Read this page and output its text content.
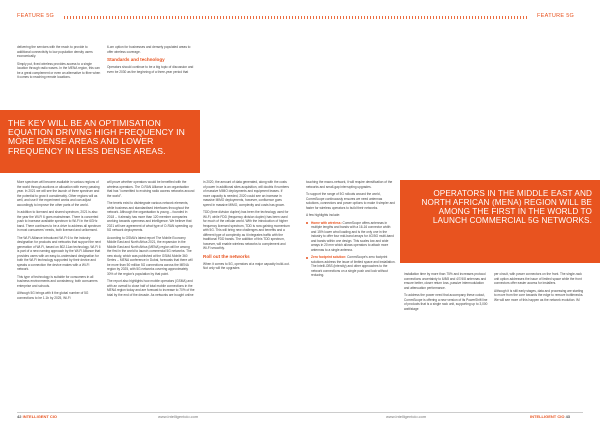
FEATURE 5G	FEATURE 5G

delivering the services with the reach to provide to additional connectivity to low population density users economically.

Simply put, fixed wireless provides access to a single location through radio waves. In the MENA region, this can be a great complement or even an alternative to fibre when it comes to reaching remote locations.

6-cm option for businesses and densely populated areas to offer wireless coverage.

Standards and technology

Operators should continue to be a big topic of discussion and even be 2030 as the beginning of a three-year period that

THE KEY WILL BE AN OPTIMISATION EQUATION DRIVING HIGH FREQUENCY IN MORE DENSE AREAS AND LOWER FREQUENCY IN LESS DENSE AREAS.

More spectrum will become available in various regions of the world through auctions or allocation with every passing year. In 2021 we will see the launch of three spectrum and the potential to grow it considerably. Other regions will as well, and use if the experiment works and can adjust accordingly to improve the other parts of the world.

In addition to licensed and shared spectrum, 2021 is also the year the Wi-Fi 6 goes mainstream. There is concerted push to increase available spectrum to Wi-Fi in the 6GHz band. There continues to be a drive to address all spectrum in most consumers' needs, both licensed and unlicensed.

The Wi-Fi Alliance introduced Wi-Fi 6 to the industry designation for products and networks that support the next generation of Wi-Fi, based on 802.11ax technology. Wi-Fi 6 is part of a new naming approach by the Wi-Fi Alliance that provides users with an easy-to-understand designation for both the Wi-Fi technology supported by their device and speaks a connection the device makes with a Wi-Fi network.

This type of technology is suitable for consumers in all business environments and consistency, both consumers enterprise and schools.

Although 5G brings with it the global number of 5G connections to be 1.1b by 2025, Wi-Fi

will prove whether operators would be benefited with the wireless operators. The O-RAN Alliance is an organisation that has "committed to evolving radio access networks around the world".

The tenets exist to disintegrate various network elements, while business and standardised interfaces throughout the network. Although the organisation is young -- founded in 2018 -- it already has more than 120 member companies working towards openness and intelligence. We believe that 2021 will see agreement of what type of O-RAN speeding up 5G network deployments.

According to GSMA's latest report The Mobile Economy Middle East and North Africa 2021, the expansion in the Middle East and North Africa (MENA) region will be among the first in the world to launch commercial 5G networks. The new study, which was published at the GSMA Mobile 360 Series -- MENA conference in Dubai, forecasts that there will be more than 50 million 5G connections across the MENA region by 2025, with 5G networks covering approximately 30% of the region's population by that point.

The report also highlights how mobile operators (GSMA) and with an overall to close half of total mobile connections in the MENA region today and are forecast to increase to 70% of the total by the end of the decade. As networks are bought online

in 2020, the amount of data generated, along with the costs of power in additional sites acquisition, will doubts if numbers of massive MIMO deployments and equipment leases. If more capacity is needed, 2020 could see an increase in massive MIMO deployments, however, confluence goes speed in massive MIMO, complexity and costs has grown.

TDD (time division duplex) has been the technology used for Wi-Fi, while FDD (frequency division duplex) has been used for much of the cellular world. With the introduction of higher frequency licensed spectrum, TDD is now gaining momentum with 5G. This will bring new challenges and benefits and a different type of complexity as it integrates traffic with the traditional FDD bands. The addition of this TDD spectrum, however, will enable wireless networks to complement and Wi-Fi smoothly.

Roll out the networks

When it comes to 5G, operators at a major capacity build-out. Not only will the upgrades

touching the macro-network, it will require densification of the networks and small-gap interrupting upgrades.

To support the range of 5G rollouts around the world, CommScope continuously ensures we need antennas solutions, connectors and power options to make it simpler and faster for wireless operators to build their networks.

A few highlights include:

Home with wireless: CommScope offers antennas in multiple lengths and bands with a 16-16 connector width and 15% lower wind loading and is the only one in the industry to offer four mid-band arrays for 4G/5G multi-band and bands within one design. This scales low and wide arrays in 20 mm which allows operators to attach more antennas to a single antenna.

Zero footprint solution: CommScope's zero footprint solutions address the issue of limited space and installation. The Intelli-OBS (intercity) and other approaches to the network connections on a single push and lock without reducing.

OPERATORS IN THE MIDDLE EAST AND NORTH AFRICAN (MENA) REGION WILL BE AMONG THE FIRST IN THE WORLD TO LAUNCH COMMERCIAL 5G NETWORKS.

installation time by more than 75% and increases protocol connections uncertainty to 6/8/8 and 4/7/4/8 antennas and ensure better, closer return loss, passive intermodulation and attenuation performance.

To address the power need that accompany these cutout, CommScope is offering a new version of its PowerShift line of products that is a single rack unit, supporting up to 3,000 watt/stage

per circuit, with power connectors on the front. The single-rack unit option addresses the issue of limited space while the front connectors offer easier access for installers.

Although it is still early stages, data and processing are starting to move from the core towards the edge to remove bottlenecks. We will see more of this happen as the network evolution. IM

42 INTELLIGENT CIO	www.intelligentcio.com	www.intelligentcio.com	INTELLIGENT CIO 43
